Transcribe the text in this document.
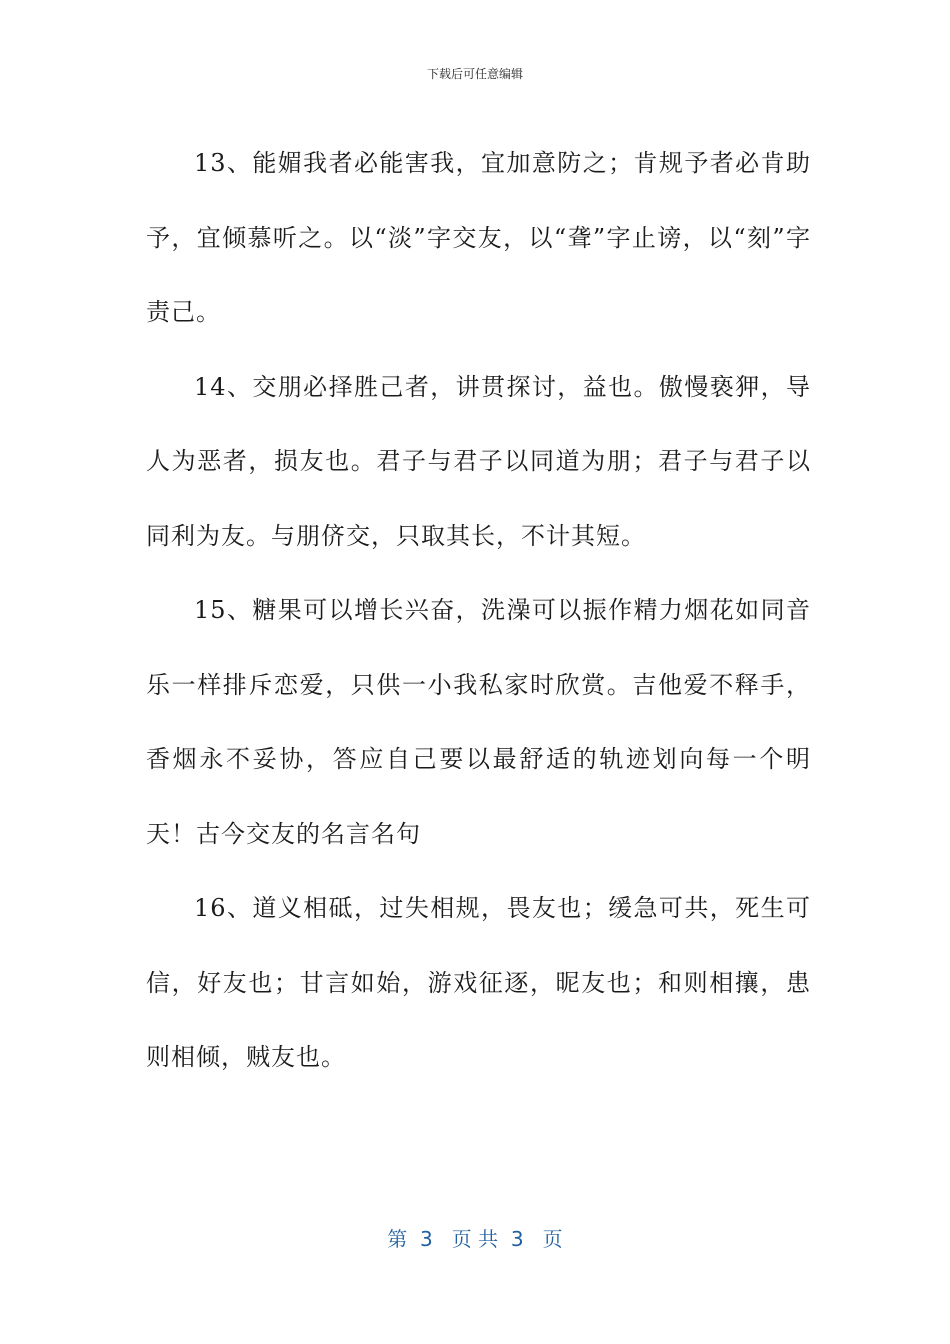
下载后可任意编辑

13、能媚我者必能害我，宜加意防之；肯规予者必肯助予，宜倾慕听之。以“淡”字交友，以“聋”字止谤，以“刻”字责己。

14、交朋必择胜己者，讲贯探讨，益也。傲慢亵狎，导人为恶者，损友也。君子与君子以同道为朋；君子与君子以同利为友。与朋侪交，只取其长，不计其短。

15、糖果可以增长兴奋，洗澡可以振作精力烟花如同音乐一样排斥恋爱，只供一小我私家时欣赏。吉他爱不释手，香烟永不妥协，答应自己要以最舒适的轨迹划向每一个明天！古今交友的名言名句

16、道义相砥，过失相规，畏友也；缓急可共，死生可信，好友也；甘言如始，游戏征逐，昵友也；和则相攘，患则相倾，贼友也。

第  3   页 共  3   页
